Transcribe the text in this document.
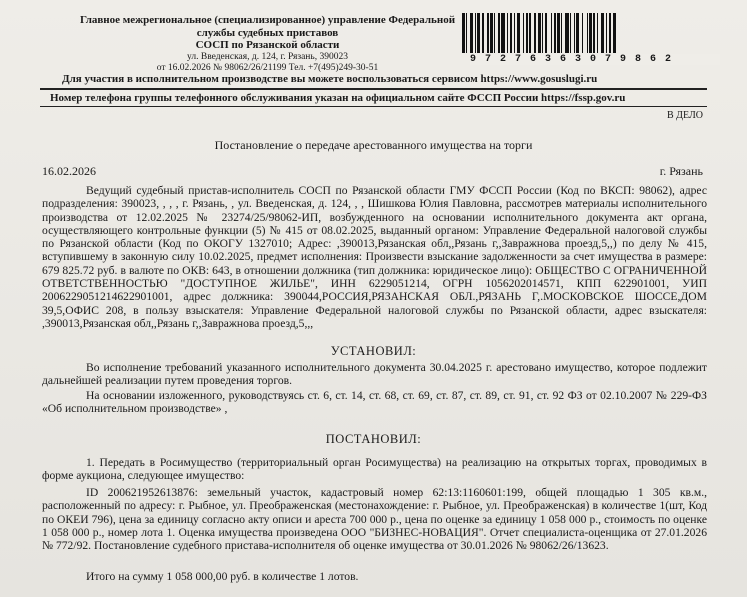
Главное межрегиональное (специализированное) управление Федеральной
службы судебных приставов
СОСП по Рязанской области
ул. Введенская, д. 124, г. Рязань, 390023
от 16.02.2026 № 98062/26/21199 Тел. +7(495)249-30-51
97276363079862
Для участия в исполнительном производстве вы можете воспользоваться сервисом https://www.gosuslugi.ru
Номер телефона группы телефонного обслуживания указан на официальном сайте ФССП России https://fssp.gov.ru
В ДЕЛО
Постановление о передаче арестованного имущества на торги
16.02.2026	г. Рязань
Ведущий судебный пристав-исполнитель СОСП по Рязанской области ГМУ ФССП России (Код по ВКСП: 98062), адрес подразделения: 390023, , , , г. Рязань, , ул. Введенская, д. 124, , , Шишкова Юлия Павловна, рассмотрев материалы исполнительного производства от 12.02.2025 № 23274/25/98062-ИП, возбужденного на основании исполнительного документа акт органа, осуществляющего контрольные функции (5) № 415 от 08.02.2025, выданный органом: Управление Федеральной налоговой службы по Рязанской области (Код по ОКОГУ 1327010; Адрес: ,390013,Рязанская обл,,Рязань г,,Заврaжнова проезд,5,,) по делу № 415, вступившему в законную силу 10.02.2025, предмет исполнения: Произвести взыскание задолженности за счет имущества в размере: 679 825.72 руб. в валюте по ОКВ: 643, в отношении должника (тип должника: юридическое лицо): ОБЩЕСТВО С ОГРАНИЧЕННОЙ ОТВЕТСТВЕННОСТЬЮ "ДОСТУПНОЕ ЖИЛЬЕ", ИНН 6229051214, ОГРН 1056202014571, КПП 622901001, УИП 2006229051214622901001, адрес должника: 390044,РОССИЯ,РЯЗАНСКАЯ ОБЛ.,РЯЗАНЬ Г,.МОСКОВСКОЕ ШОССЕ,ДОМ 39,5,ОФИС 208, в пользу взыскателя: Управление Федеральной налоговой службы по Рязанской области, адрес взыскателя: ,390013,Рязанская обл,,Рязань г,,Заврaжнова проезд,5,,,
УСТАНОВИЛ:
Во исполнение требований указанного исполнительного документа 30.04.2025 г. арестовано имущество, которое подлежит дальнейшей реализации путем проведения торгов.
На основании изложенного, руководствуясь ст. 6, ст. 14, ст. 68, ст. 69, ст. 87, ст. 89, ст. 91, ст. 92 ФЗ от 02.10.2007 № 229-ФЗ «Об исполнительном производстве» ,
ПОСТАНОВИЛ:
1. Передать в Росимущество (территориальный орган Росимущества) на реализацию на открытых торгах, проводимых в форме аукциона, следующее имущество:
ID 200621952613876: земельный участок, кадастровый номер 62:13:1160601:199, общей площадью 1 305 кв.м., расположенный по адресу: г. Рыбное, ул. Преображенская (местонахождение: г. Рыбное, ул. Преображенская) в количестве 1(шт, Код по ОКЕИ 796), цена за единицу согласно акту описи и ареста 700 000 р., цена по оценке за единицу 1 058 000 р., стоимость по оценке 1 058 000 р., номер лота 1. Оценка имущества произведена ООО "БИЗНЕС-НОВАЦИЯ". Отчет специалиста-оценщика от 27.01.2026 № 772/92. Постановление судебного пристава-исполнителя об оценке имущества от 30.01.2026 № 98062/26/13623.
Итого на сумму 1 058 000,00 руб. в количестве 1 лотов.
